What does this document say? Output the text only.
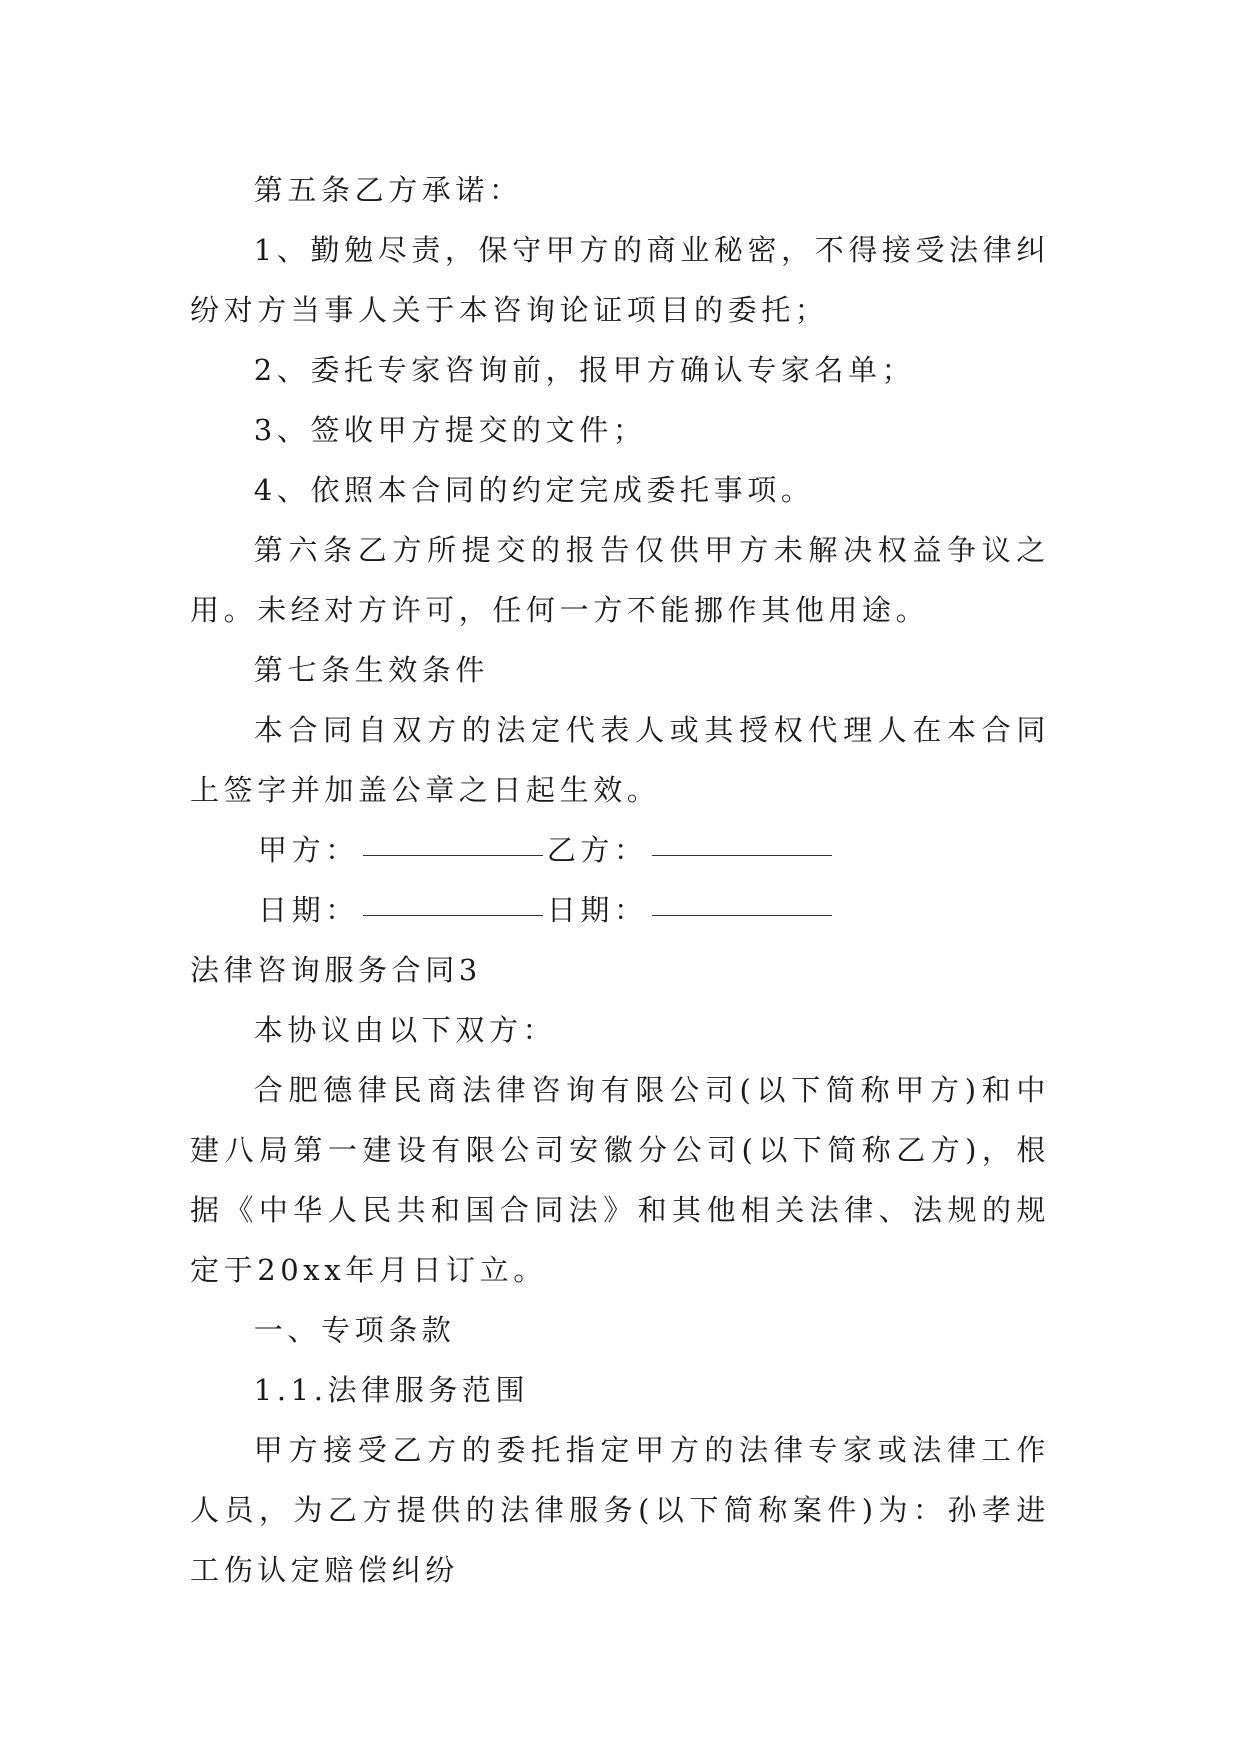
第五条乙方承诺：

1、勤勉尽责，保守甲方的商业秘密，不得接受法律纠纷对方当事人关于本咨询论证项目的委托；

2、委托专家咨询前，报甲方确认专家名单；

3、签收甲方提交的文件；

4、依照本合同的约定完成委托事项。

第六条乙方所提交的报告仅供甲方未解决权益争议之用。未经对方许可，任何一方不能挪作其他用途。

第七条生效条件

本合同自双方的法定代表人或其授权代理人在本合同上签字并加盖公章之日起生效。

甲方：	乙方：
日期：	日期：

法律咨询服务合同3

本协议由以下双方：

合肥德律民商法律咨询有限公司(以下简称甲方)和中建八局第一建设有限公司安徽分公司(以下简称乙方)，根据《中华人民共和国合同法》和其他相关法律、法规的规定于20xx年月日订立。

一、专项条款

1.1.法律服务范围

甲方接受乙方的委托指定甲方的法律专家或法律工作人员，为乙方提供的法律服务(以下简称案件)为：孙孝进工伤认定赔偿纠纷
